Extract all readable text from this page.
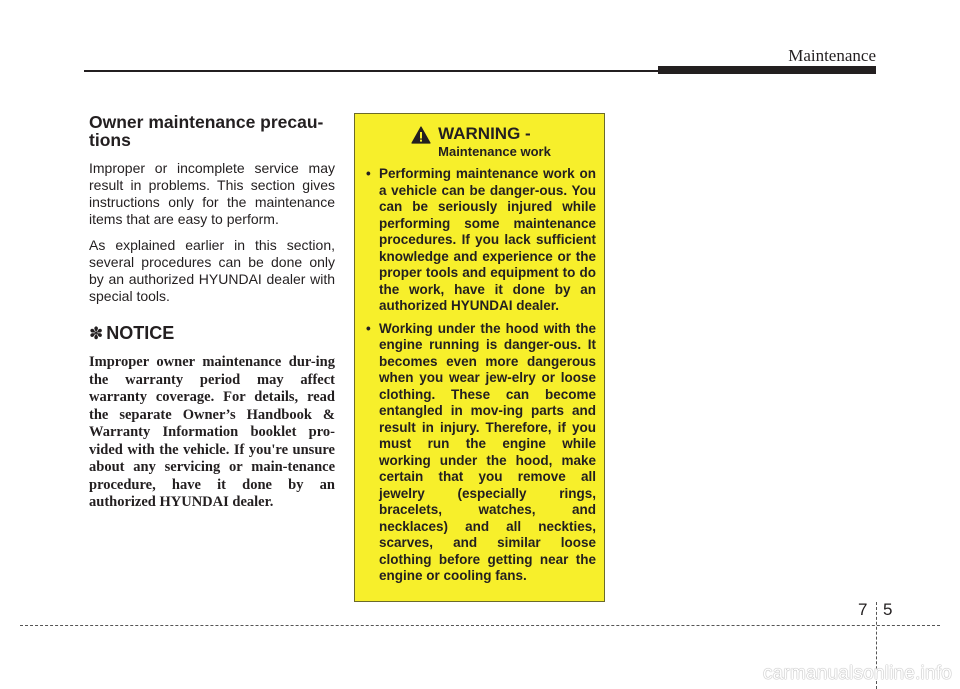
Maintenance
Owner maintenance precau-
tions

Improper or incomplete service may result in problems. This section gives instructions only for the maintenance items that are easy to perform.

As explained earlier in this section, several procedures can be done only by an authorized HYUNDAI dealer with special tools.

✽ NOTICE

Improper owner maintenance dur-ing the warranty period may affect warranty coverage. For details, read the separate Owner’s Handbook & Warranty Information booklet pro-vided with the vehicle. If you're unsure about any servicing or main-tenance procedure, have it done by an authorized HYUNDAI dealer.

WARNING -
Maintenance work
• Performing maintenance work on a vehicle can be danger-ous. You can be seriously injured while performing some maintenance procedures. If you lack sufficient knowledge and experience or the proper tools and equipment to do the work, have it done by an authorized HYUNDAI dealer.
• Working under the hood with the engine running is danger-ous. It becomes even more dangerous when you wear jew-elry or loose clothing. These can become entangled in mov-ing parts and result in injury. Therefore, if you must run the engine while working under the hood, make certain that you remove all jewelry (especially rings, bracelets, watches, and necklaces) and all neckties, scarves, and similar loose clothing before getting near the engine or cooling fans.
7 5
carmanualsonline.info
